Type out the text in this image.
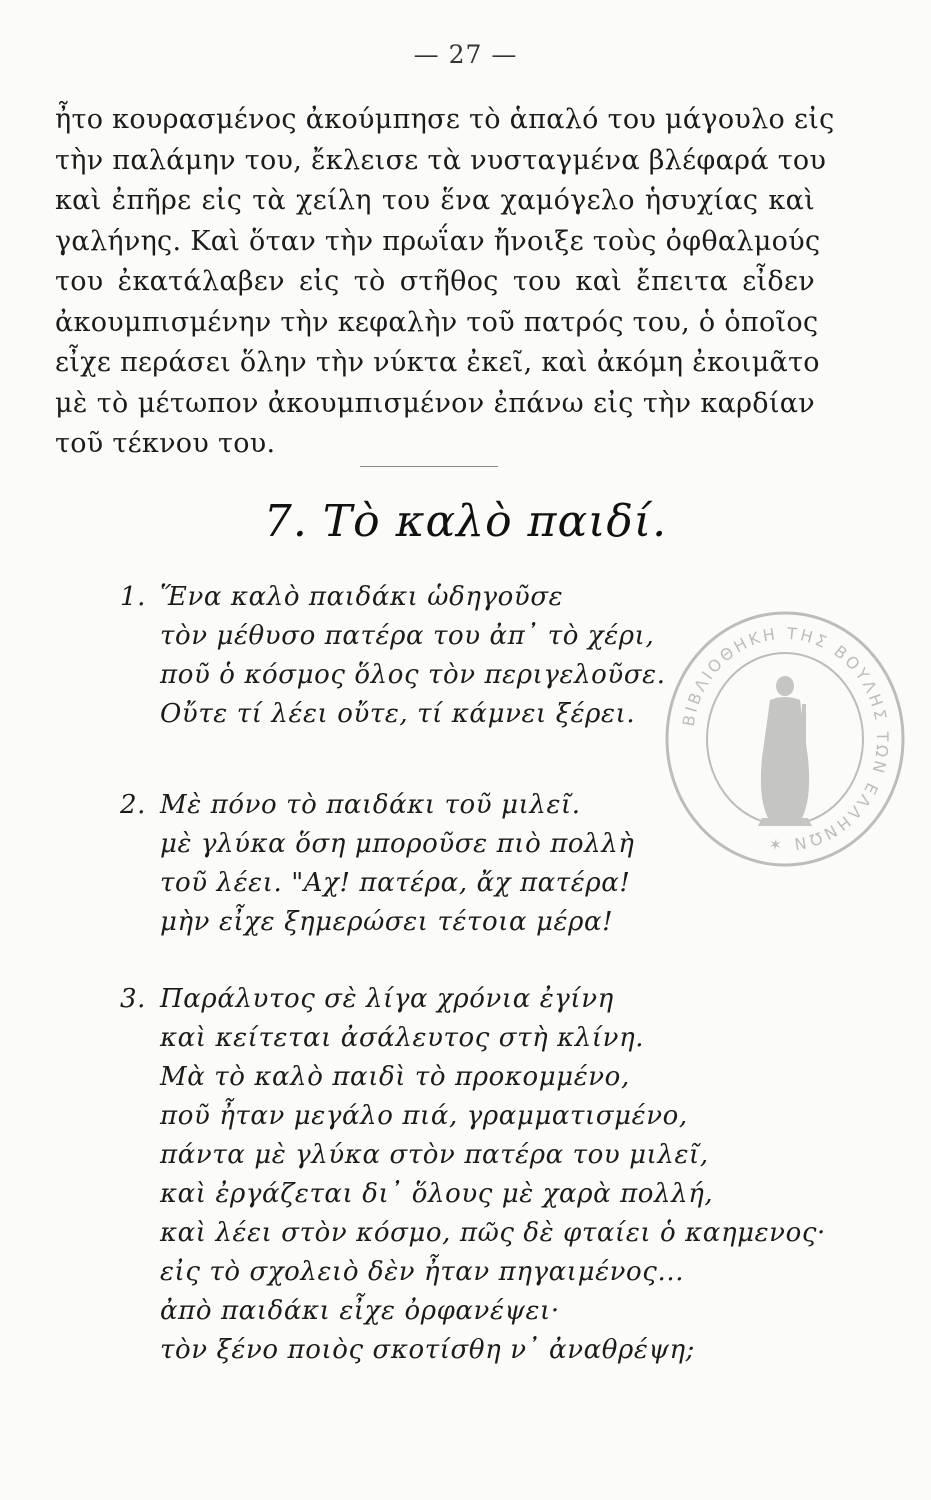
— 27 —
ἦτο κουρασμένος ἀκούμπησε τὸ ἁπαλό του μάγουλο εἰς
τὴν παλάμην του, ἔκλεισε τὰ νυσταγμένα βλέφαρά του
καὶ ἐπῆρε εἰς τὰ χείλη του ἕνα χαμόγελο ἡσυχίας καὶ
γαλήνης. Καὶ ὅταν τὴν πρωΐαν ἤνοιξε τοὺς ὀφθαλμούς
του ἐκατάλαβεν εἰς τὸ στῆθος του καὶ ἔπειτα εἶδεν
ἀκουμπισμένην τὴν κεφαλὴν τοῦ πατρός του, ὁ ὁποῖος
εἶχε περάσει ὅλην τὴν νύκτα ἐκεῖ, καὶ ἀκόμη ἐκοιμᾶτο
μὲ τὸ μέτωπον ἀκουμπισμένον ἐπάνω εἰς τὴν καρδίαν
τοῦ τέκνου του.
7. Τὸ καλὸ παιδί.
1. Ἕνα καλὸ παιδάκι ὡδηγοῦσε
τὸν μέθυσο πατέρα του ἀπ᾽ τὸ χέρι,
ποῦ ὁ κόσμος ὅλος τὸν περιγελοῦσε.
Οὔτε τί λέει οὔτε, τί κάμνει ξέρει.
2. Μὲ πόνο τὸ παιδάκι τοῦ μιλεῖ.
μὲ γλύκα ὅση μποροῦσε πιὸ πολλὴ
τοῦ λέει. "Αχ! πατέρα, ἄχ πατέρα!
μὴν εἶχε ξημερώσει τέτοια μέρα!
3. Παράλυτος σὲ λίγα χρόνια ἐγίνη
καὶ κείτεται ἀσάλευτος στὴ κλίνη.
Μὰ τὸ καλὸ παιδὶ τὸ προκομμένο,
ποῦ ἦταν μεγάλο πιά, γραμματισμένο,
πάντα μὲ γλύκα στὸν πατέρα του μιλεῖ,
καὶ ἐργάζεται δι᾽ ὅλους μὲ χαρὰ πολλή,
καὶ λέει στὸν κόσμο, πῶς δὲ φταίει ὁ καημενος·
εἰς τὸ σχολειὸ δὲν ἦταν πηγαιμένος...
ἀπὸ παιδάκι εἶχε ὀρφανέψει·
τὸν ξένο ποιὸς σκοτίσθη ν᾽ ἀναθρέψη;
ΒΙΒΛΙΟΘΗΚΗ ΤΗΣ ΒΟΥΛΗΣ ΤΩΝ ΕΛΛΗΝΩΝ ✶
